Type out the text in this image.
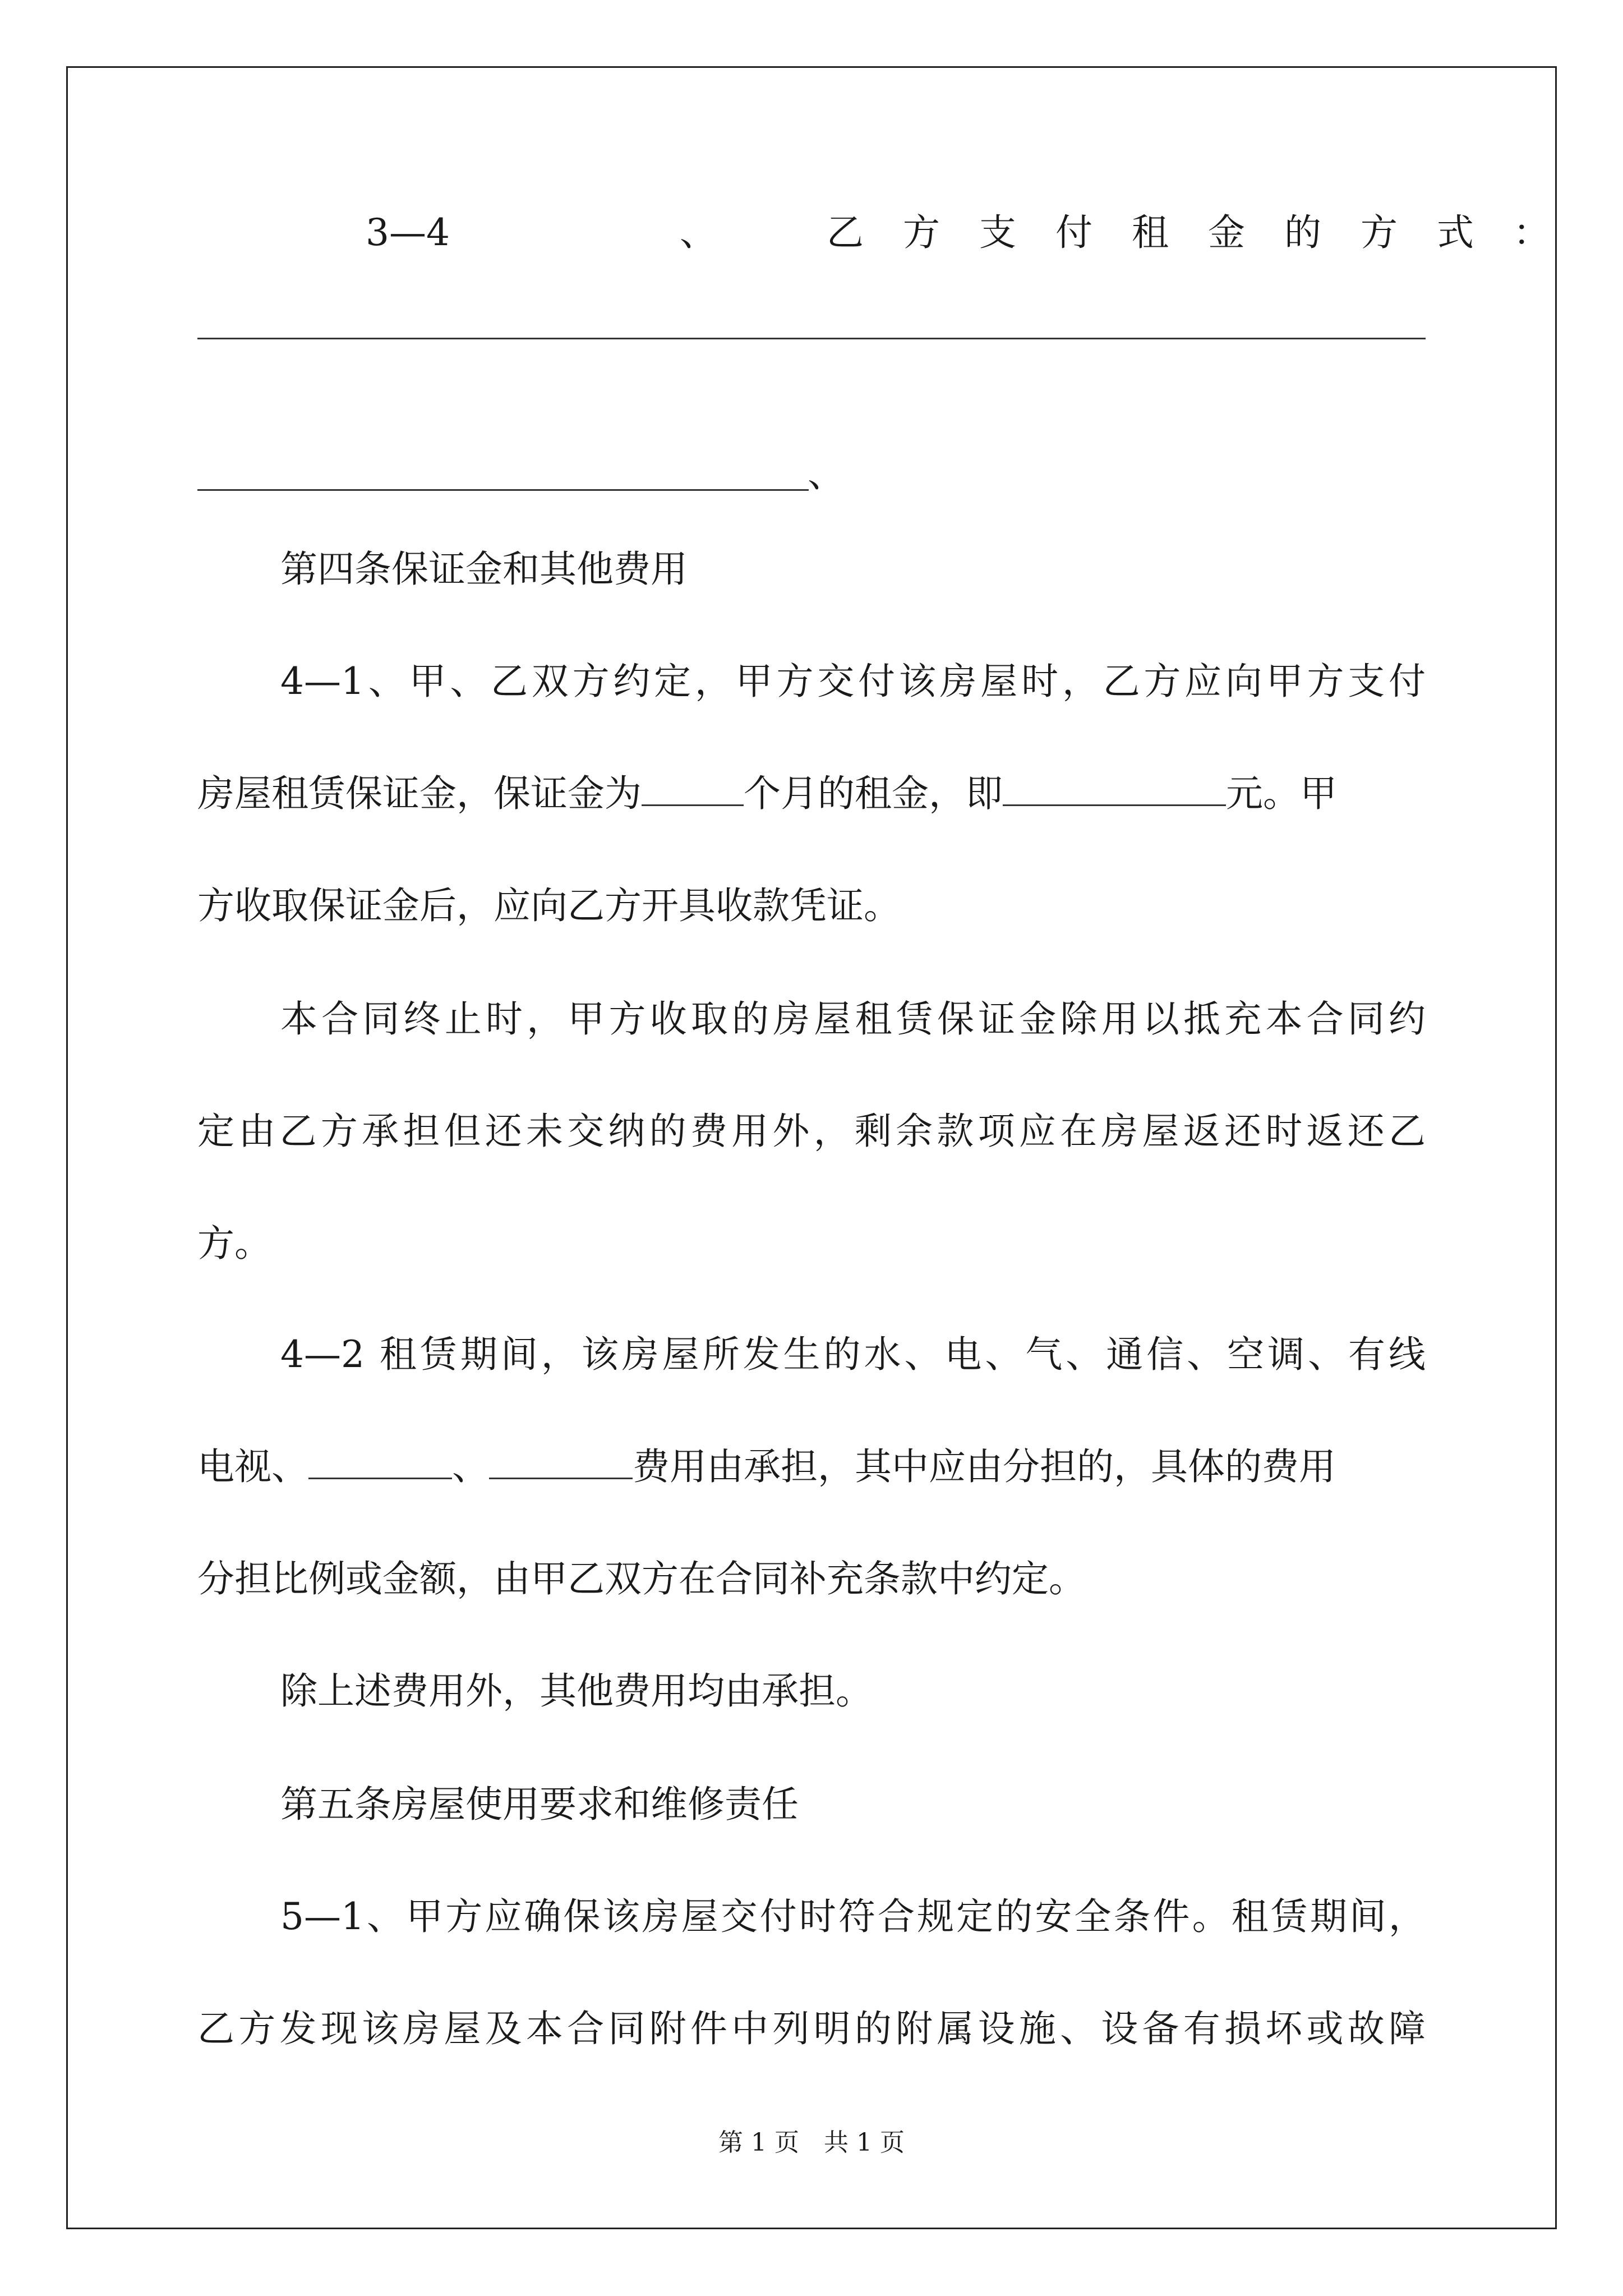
3—4	、	乙方支付租金的方式：
、
第四条保证金和其他费用
4—1、甲、乙双方约定，甲方交付该房屋时，乙方应向甲方支付
房屋租赁保证金，保证金为	个月的租金，即	元。甲
方收取保证金后，应向乙方开具收款凭证。
本合同终止时，甲方收取的房屋租赁保证金除用以抵充本合同约
定由乙方承担但还未交纳的费用外，剩余款项应在房屋返还时返还乙
方。
4—2 租赁期间，该房屋所发生的水、电、气、通信、空调、有线
电视、	、	费用由承担，其中应由分担的，具体的费用
分担比例或金额，由甲乙双方在合同补充条款中约定。
除上述费用外，其他费用均由承担。
第五条房屋使用要求和维修责任
5—1、甲方应确保该房屋交付时符合规定的安全条件。租赁期间，
乙方发现该房屋及本合同附件中列明的附属设施、设备有损坏或故障
第 1 页　共 1 页
